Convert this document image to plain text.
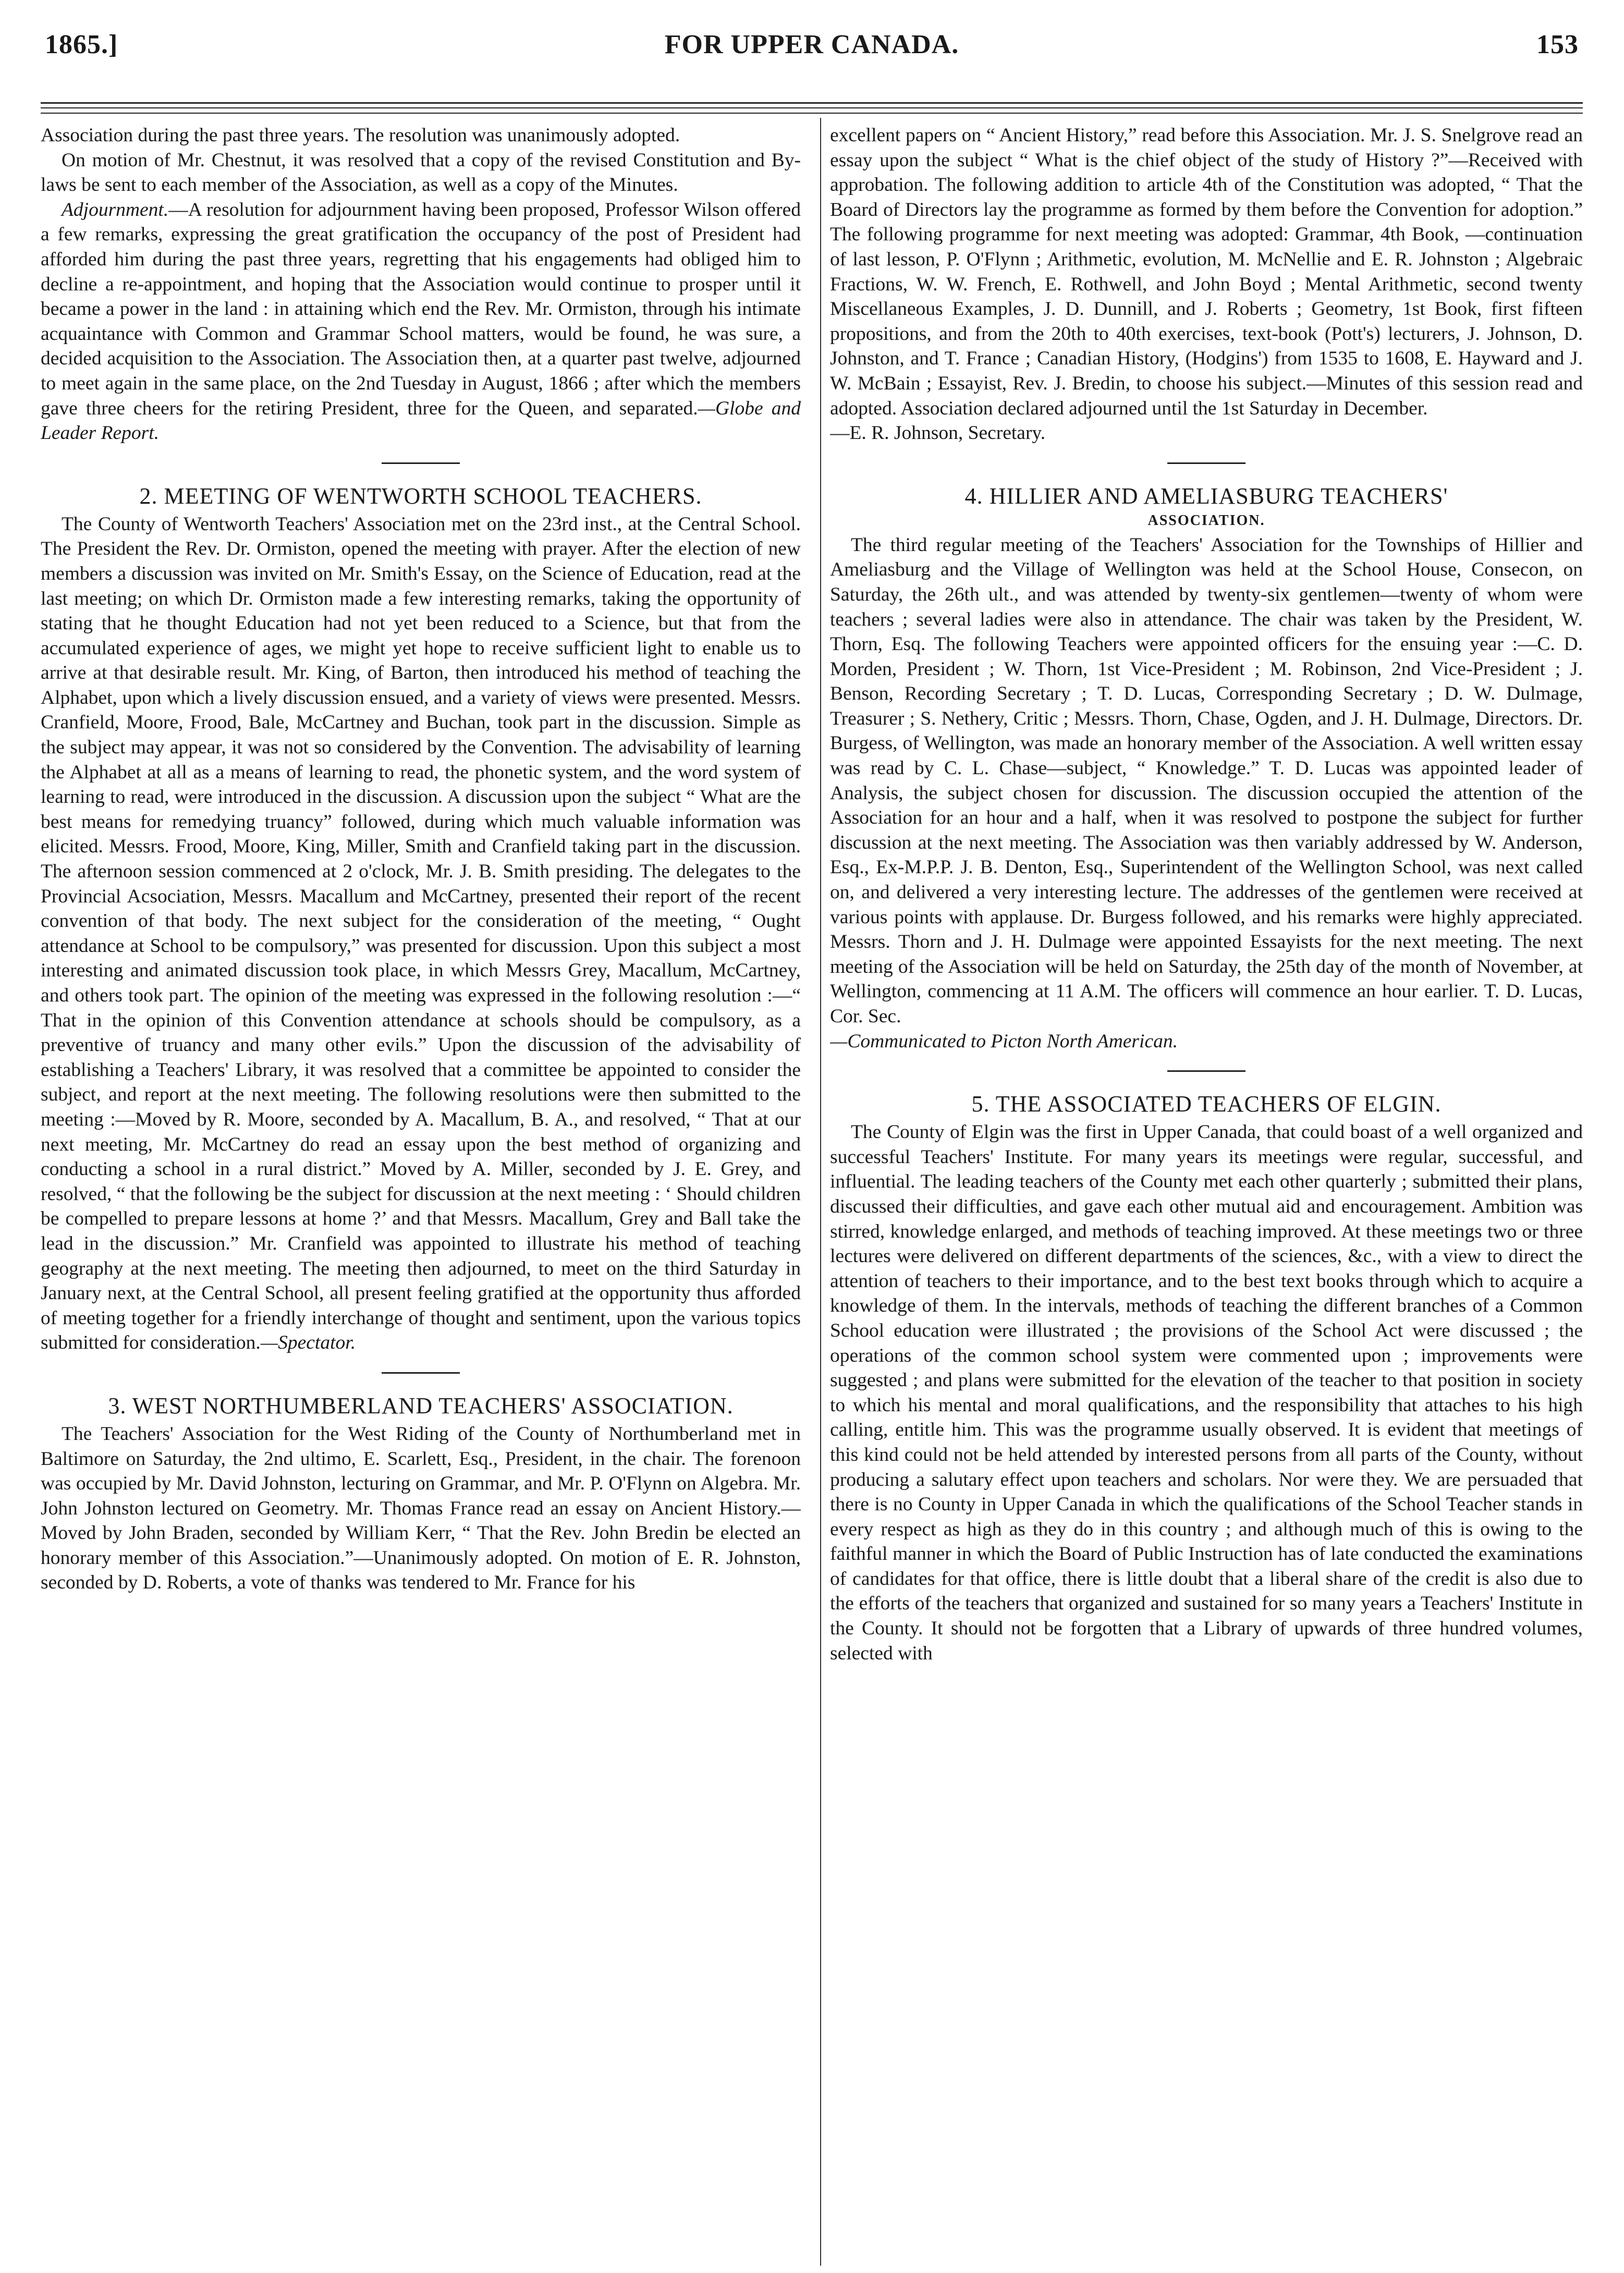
1865.]	FOR UPPER CANADA.	153

Association during the past three years. The resolution was unanimously adopted.

On motion of Mr. Chestnut, it was resolved that a copy of the revised Constitution and By-laws be sent to each member of the Association, as well as a copy of the Minutes.

Adjournment.—A resolution for adjournment having been proposed, Professor Wilson offered a few remarks, expressing the great gratification the occupancy of the post of President had afforded him during the past three years, regretting that his engagements had obliged him to decline a re-appointment, and hoping that the Association would continue to prosper until it became a power in the land : in attaining which end the Rev. Mr. Ormiston, through his intimate acquaintance with Common and Grammar School matters, would be found, he was sure, a decided acquisition to the Association. The Association then, at a quarter past twelve, adjourned to meet again in the same place, on the 2nd Tuesday in August, 1866 ; after which the members gave three cheers for the retiring President, three for the Queen, and separated.—Globe and Leader Report.

2. MEETING OF WENTWORTH SCHOOL TEACHERS.

The County of Wentworth Teachers' Association met on the 23rd inst., at the Central School. The President the Rev. Dr. Ormiston, opened the meeting with prayer. After the election of new members a discussion was invited on Mr. Smith's Essay, on the Science of Education, read at the last meeting; on which Dr. Ormiston made a few interesting remarks, taking the opportunity of stating that he thought Education had not yet been reduced to a Science, but that from the accumulated experience of ages, we might yet hope to receive sufficient light to enable us to arrive at that desirable result. Mr. King, of Barton, then introduced his method of teaching the Alphabet, upon which a lively discussion ensued, and a variety of views were presented. Messrs. Cranfield, Moore, Frood, Bale, McCartney and Buchan, took part in the discussion. Simple as the subject may appear, it was not so considered by the Convention. The advisability of learning the Alphabet at all as a means of learning to read, the phonetic system, and the word system of learning to read, were introduced in the discussion. A discussion upon the subject “ What are the best means for remedying truancy” followed, during which much valuable information was elicited. Messrs. Frood, Moore, King, Miller, Smith and Cranfield taking part in the discussion. The afternoon session commenced at 2 o'clock, Mr. J. B. Smith presiding. The delegates to the Provincial Acsociation, Messrs. Macallum and McCartney, presented their report of the recent convention of that body. The next subject for the consideration of the meeting, “ Ought attendance at School to be compulsory,” was presented for discussion. Upon this subject a most interesting and animated discussion took place, in which Messrs Grey, Macallum, McCartney, and others took part. The opinion of the meeting was expressed in the following resolution :—“ That in the opinion of this Convention attendance at schools should be compulsory, as a preventive of truancy and many other evils.” Upon the discussion of the advisability of establishing a Teachers' Library, it was resolved that a committee be appointed to consider the subject, and report at the next meeting. The following resolutions were then submitted to the meeting :—Moved by R. Moore, seconded by A. Macallum, B. A., and resolved, “ That at our next meeting, Mr. McCartney do read an essay upon the best method of organizing and conducting a school in a rural district.” Moved by A. Miller, seconded by J. E. Grey, and resolved, “ that the following be the subject for discussion at the next meeting : ‘ Should children be compelled to prepare lessons at home ?’ and that Messrs. Macallum, Grey and Ball take the lead in the discussion.” Mr. Cranfield was appointed to illustrate his method of teaching geography at the next meeting. The meeting then adjourned, to meet on the third Saturday in January next, at the Central School, all present feeling gratified at the opportunity thus afforded of meeting together for a friendly interchange of thought and sentiment, upon the various topics submitted for consideration.—Spectator.

3. WEST NORTHUMBERLAND TEACHERS' ASSOCIATION.

The Teachers' Association for the West Riding of the County of Northumberland met in Baltimore on Saturday, the 2nd ultimo, E. Scarlett, Esq., President, in the chair. The forenoon was occupied by Mr. David Johnston, lecturing on Grammar, and Mr. P. O'Flynn on Algebra. Mr. John Johnston lectured on Geometry. Mr. Thomas France read an essay on Ancient History.—Moved by John Braden, seconded by William Kerr, “ That the Rev. John Bredin be elected an honorary member of this Association.”—Unanimously adopted. On motion of E. R. Johnston, seconded by D. Roberts, a vote of thanks was tendered to Mr. France for his

excellent papers on “ Ancient History,” read before this Association. Mr. J. S. Snelgrove read an essay upon the subject “ What is the chief object of the study of History ?”—Received with approbation. The following addition to article 4th of the Constitution was adopted, “ That the Board of Directors lay the programme as formed by them before the Convention for adoption.” The following programme for next meeting was adopted: Grammar, 4th Book, —continuation of last lesson, P. O'Flynn ; Arithmetic, evolution, M. McNellie and E. R. Johnston ; Algebraic Fractions, W. W. French, E. Rothwell, and John Boyd ; Mental Arithmetic, second twenty Miscellaneous Examples, J. D. Dunnill, and J. Roberts ; Geometry, 1st Book, first fifteen propositions, and from the 20th to 40th exercises, text-book (Pott's) lecturers, J. Johnson, D. Johnston, and T. France ; Canadian History, (Hodgins') from 1535 to 1608, E. Hayward and J. W. McBain ; Essayist, Rev. J. Bredin, to choose his subject.—Minutes of this session read and adopted. Association declared adjourned until the 1st Saturday in December.

—E. R. Johnson, Secretary.

4. HILLIER AND AMELIASBURG TEACHERS'
ASSOCIATION.

The third regular meeting of the Teachers' Association for the Townships of Hillier and Ameliasburg and the Village of Wellington was held at the School House, Consecon, on Saturday, the 26th ult., and was attended by twenty-six gentlemen—twenty of whom were teachers ; several ladies were also in attendance. The chair was taken by the President, W. Thorn, Esq. The following Teachers were appointed officers for the ensuing year :—C. D. Morden, President ; W. Thorn, 1st Vice-President ; M. Robinson, 2nd Vice-President ; J. Benson, Recording Secretary ; T. D. Lucas, Corresponding Secretary ; D. W. Dulmage, Treasurer ; S. Nethery, Critic ; Messrs. Thorn, Chase, Ogden, and J. H. Dulmage, Directors. Dr. Burgess, of Wellington, was made an honorary member of the Association. A well written essay was read by C. L. Chase—subject, “ Knowledge.” T. D. Lucas was appointed leader of Analysis, the subject chosen for discussion. The discussion occupied the attention of the Association for an hour and a half, when it was resolved to postpone the subject for further discussion at the next meeting. The Association was then variably addressed by W. Anderson, Esq., Ex-M.P.P. J. B. Denton, Esq., Superintendent of the Wellington School, was next called on, and delivered a very interesting lecture. The addresses of the gentlemen were received at various points with applause. Dr. Burgess followed, and his remarks were highly appreciated. Messrs. Thorn and J. H. Dulmage were appointed Essayists for the next meeting. The next meeting of the Association will be held on Saturday, the 25th day of the month of November, at Wellington, commencing at 11 A.M. The officers will commence an hour earlier. T. D. Lucas, Cor. Sec.

—Communicated to Picton North American.

5. THE ASSOCIATED TEACHERS OF ELGIN.

The County of Elgin was the first in Upper Canada, that could boast of a well organized and successful Teachers' Institute. For many years its meetings were regular, successful, and influential. The leading teachers of the County met each other quarterly ; submitted their plans, discussed their difficulties, and gave each other mutual aid and encouragement. Ambition was stirred, knowledge enlarged, and methods of teaching improved. At these meetings two or three lectures were delivered on different departments of the sciences, &c., with a view to direct the attention of teachers to their importance, and to the best text books through which to acquire a knowledge of them. In the intervals, methods of teaching the different branches of a Common School education were illustrated ; the provisions of the School Act were discussed ; the operations of the common school system were commented upon ; improvements were suggested ; and plans were submitted for the elevation of the teacher to that position in society to which his mental and moral qualifications, and the responsibility that attaches to his high calling, entitle him. This was the programme usually observed. It is evident that meetings of this kind could not be held attended by interested persons from all parts of the County, without producing a salutary effect upon teachers and scholars. Nor were they. We are persuaded that there is no County in Upper Canada in which the qualifications of the School Teacher stands in every respect as high as they do in this country ; and although much of this is owing to the faithful manner in which the Board of Public Instruction has of late conducted the examinations of candidates for that office, there is little doubt that a liberal share of the credit is also due to the efforts of the teachers that organized and sustained for so many years a Teachers' Institute in the County. It should not be forgotten that a Library of upwards of three hundred volumes, selected with
